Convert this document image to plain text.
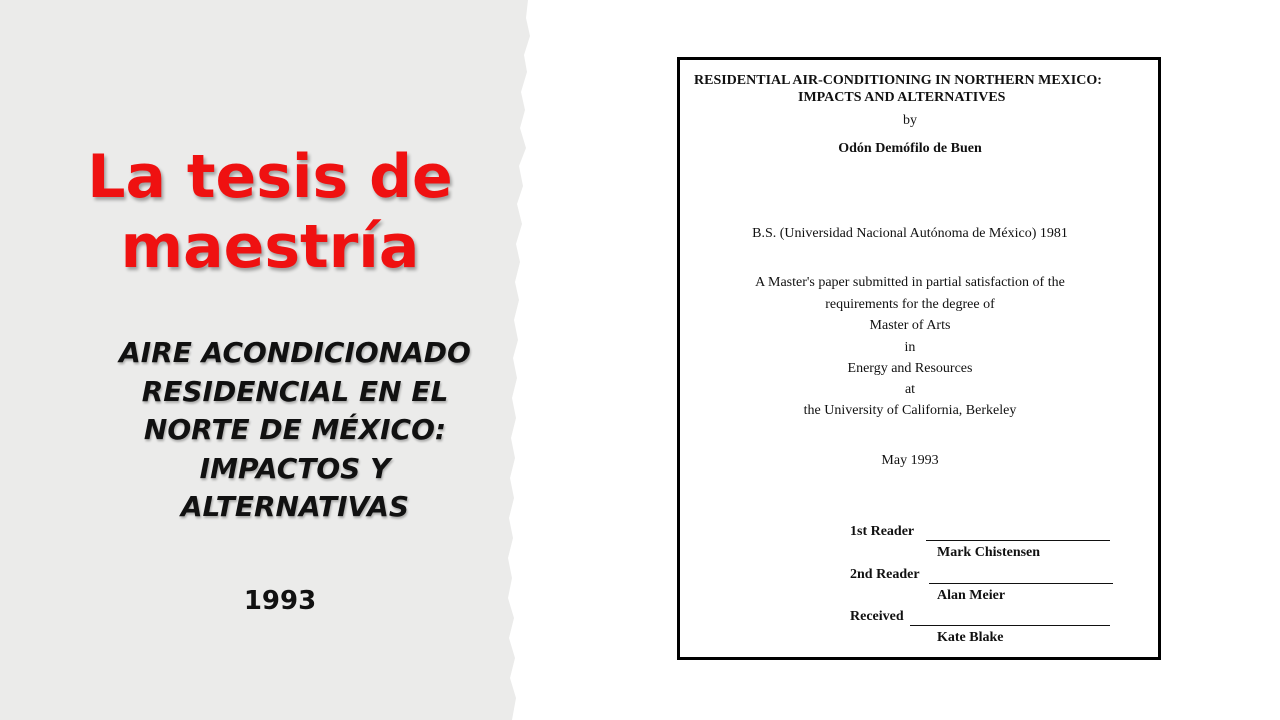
La tesis de
maestría
AIRE ACONDICIONADO
RESIDENCIAL EN EL
NORTE DE MÉXICO:
IMPACTOS Y
ALTERNATIVAS
1993
RESIDENTIAL AIR-CONDITIONING IN NORTHERN MEXICO:
IMPACTS AND ALTERNATIVES
by
Odón Demófilo de Buen
B.S. (Universidad Nacional Autónoma de México) 1981
A Master's paper submitted in partial satisfaction of the
requirements for the degree of
Master of Arts
in
Energy and Resources
at
the University of California, Berkeley
May 1993
1st Reader
Mark Chistensen
2nd Reader
Alan Meier
Received
Kate Blake
